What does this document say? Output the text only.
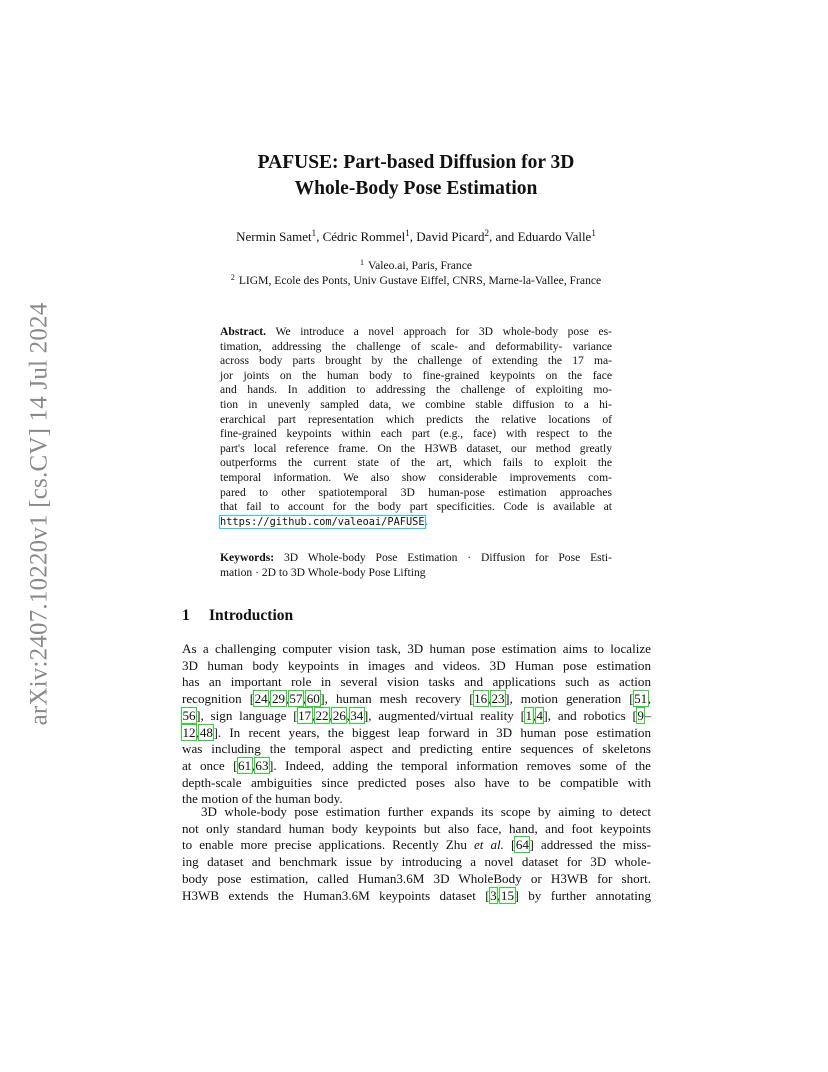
arXiv:2407.10220v1 [cs.CV] 14 Jul 2024
PAFUSE: Part-based Diffusion for 3D
Whole-Body Pose Estimation
Nermin Samet$^1$, Cédric Rommel$^1$, David Picard$^2$, and Eduardo Valle$^1$
$^1$ Valeo.ai, Paris, France
$^2$ LIGM, Ecole des Ponts, Univ Gustave Eiffel, CNRS, Marne-la-Vallee, France
Abstract. We introduce a novel approach for 3D whole-body pose es-
timation, addressing the challenge of scale- and deformability- variance
across body parts brought by the challenge of extending the 17 ma-
jor joints on the human body to fine-grained keypoints on the face
and hands. In addition to addressing the challenge of exploiting mo-
tion in unevenly sampled data, we combine stable diffusion to a hi-
erarchical part representation which predicts the relative locations of
fine-grained keypoints within each part (e.g., face) with respect to the
part's local reference frame. On the H3WB dataset, our method greatly
outperforms the current state of the art, which fails to exploit the
temporal information. We also show considerable improvements com-
pared to other spatiotemporal 3D human-pose estimation approaches
that fail to account for the body part specificities. Code is available at
https://github.com/valeoai/PAFUSE.
Keywords: 3D Whole-body Pose Estimation · Diffusion for Pose Esti-
mation · 2D to 3D Whole-body Pose Lifting
1 Introduction
As a challenging computer vision task, 3D human pose estimation aims to localize
3D human body keypoints in images and videos. 3D Human pose estimation
has an important role in several vision tasks and applications such as action
recognition [24,29,57,60], human mesh recovery [16,23], motion generation [51,
56], sign language [17,22,26,34], augmented/virtual reality [1,4], and robotics [9–
12,48]. In recent years, the biggest leap forward in 3D human pose estimation
was including the temporal aspect and predicting entire sequences of skeletons
at once [61,63]. Indeed, adding the temporal information removes some of the
depth-scale ambiguities since predicted poses also have to be compatible with
the motion of the human body.
3D whole-body pose estimation further expands its scope by aiming to detect
not only standard human body keypoints but also face, hand, and foot keypoints
to enable more precise applications. Recently Zhu et al. [64] addressed the miss-
ing dataset and benchmark issue by introducing a novel dataset for 3D whole-
body pose estimation, called Human3.6M 3D WholeBody or H3WB for short.
H3WB extends the Human3.6M keypoints dataset [3,15] by further annotating
